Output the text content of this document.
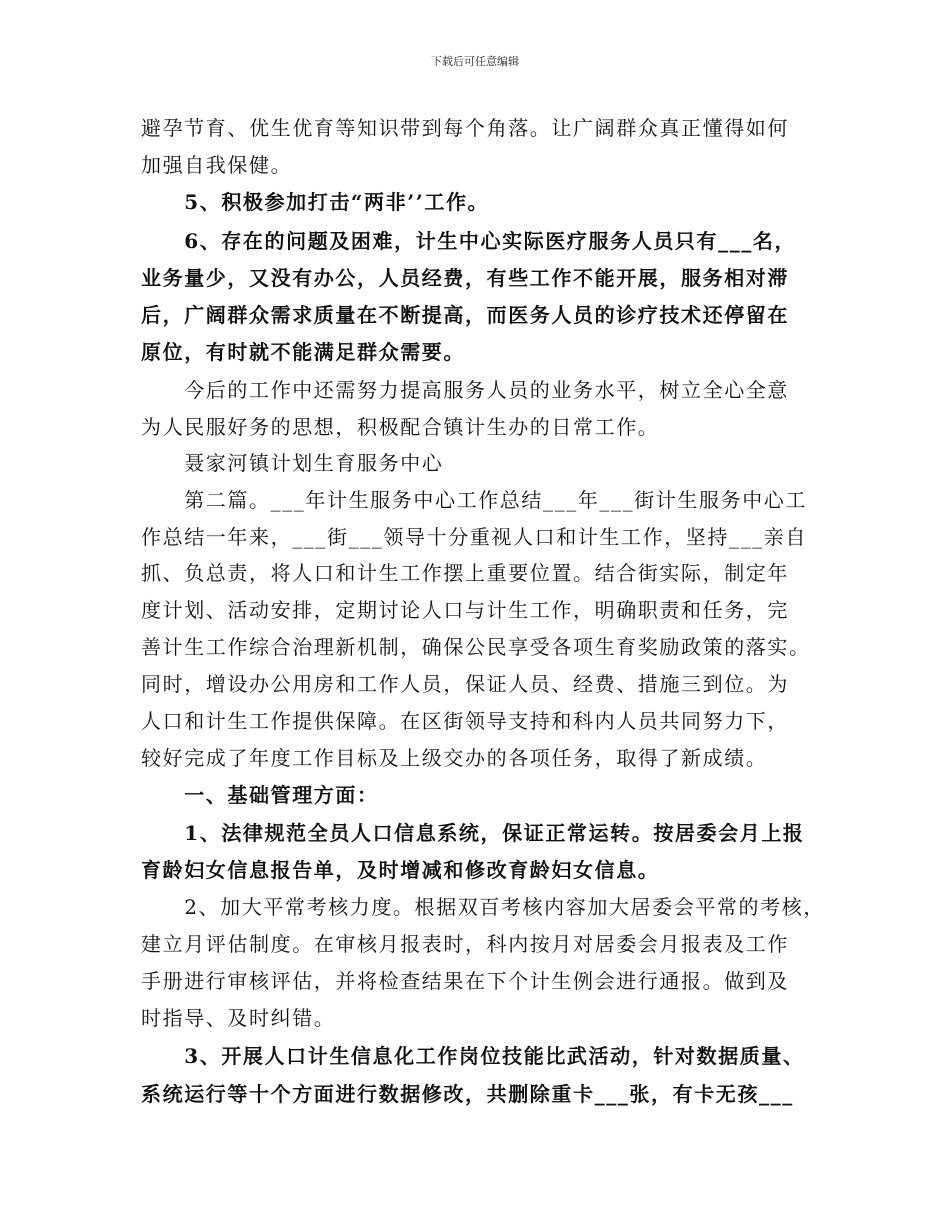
下载后可任意编辑
避孕节育、优生优育等知识带到每个角落。让广阔群众真正懂得如何
加强自我保健。
　　5、积极参加打击“两非’’工作。
　　6、存在的问题及困难，计生中心实际医疗服务人员只有___名，
业务量少，又没有办公，人员经费，有些工作不能开展，服务相对滞
后，广阔群众需求质量在不断提高，而医务人员的诊疗技术还停留在
原位，有时就不能满足群众需要。
　　今后的工作中还需努力提高服务人员的业务水平，树立全心全意
为人民服好务的思想，积极配合镇计生办的日常工作。
　　聂家河镇计划生育服务中心
　　第二篇。___年计生服务中心工作总结___年___街计生服务中心工
作总结一年来，___街___领导十分重视人口和计生工作，坚持___亲自
抓、负总责，将人口和计生工作摆上重要位置。结合街实际，制定年
度计划、活动安排，定期讨论人口与计生工作，明确职责和任务，完
善计生工作综合治理新机制，确保公民享受各项生育奖励政策的落实。
同时，增设办公用房和工作人员，保证人员、经费、措施三到位。为
人口和计生工作提供保障。在区街领导支持和科内人员共同努力下，
较好完成了年度工作目标及上级交办的各项任务，取得了新成绩。
　　一、基础管理方面：
　　1、法律规范全员人口信息系统，保证正常运转。按居委会月上报
育龄妇女信息报告单，及时增减和修改育龄妇女信息。
　　2、加大平常考核力度。根据双百考核内容加大居委会平常的考核，
建立月评估制度。在审核月报表时，科内按月对居委会月报表及工作
手册进行审核评估，并将检查结果在下个计生例会进行通报。做到及
时指导、及时纠错。
　　3、开展人口计生信息化工作岗位技能比武活动，针对数据质量、
系统运行等十个方面进行数据修改，共删除重卡___张，有卡无孩___
